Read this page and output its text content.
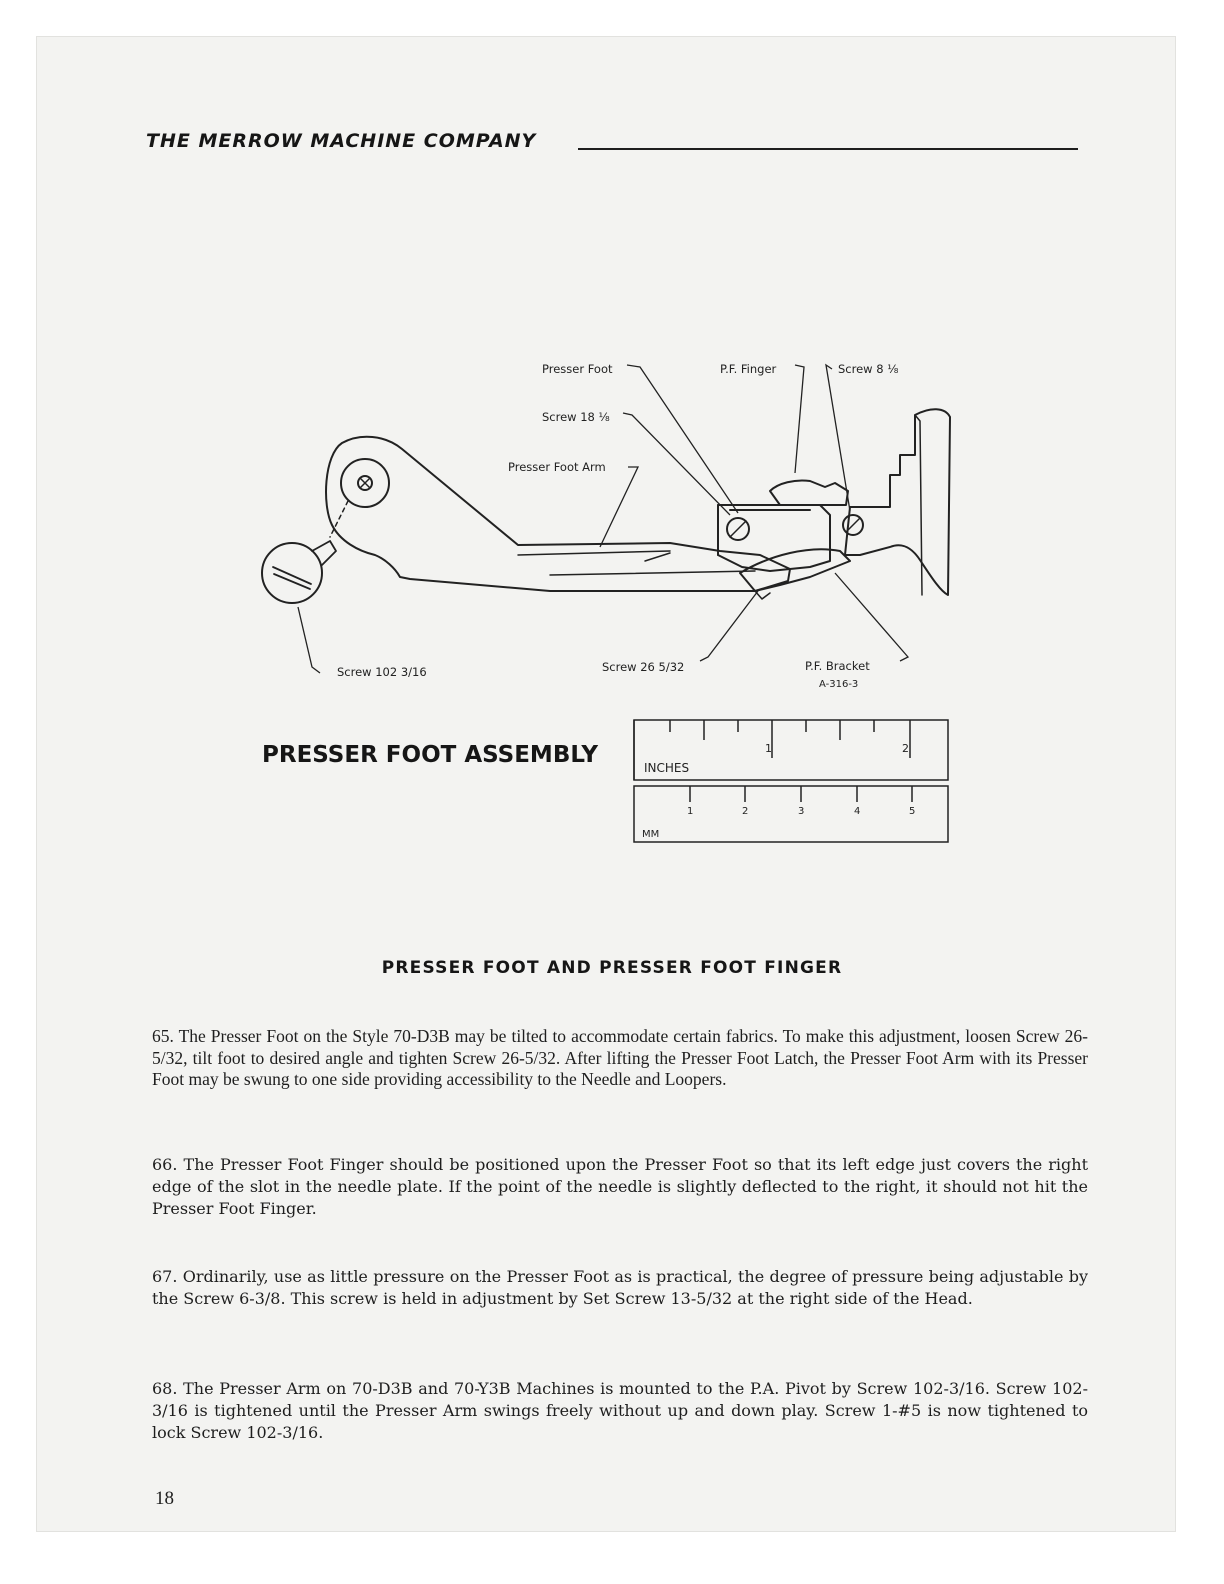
THE MERROW MACHINE COMPANY
Presser Foot	P.F. Finger	Screw 8 ⅛
Screw 18 ⅛
Presser Foot Arm
Screw 102 3/16	Screw 26 5/32	P.F. Bracket
A-316-3
PRESSER FOOT ASSEMBLY	INCHES
1	2
1	2	3	4	5
MM
PRESSER FOOT AND PRESSER FOOT FINGER

65. The Presser Foot on the Style 70-D3B may be tilted to accommodate certain fabrics. To make this adjustment, loosen Screw 26-5/32, tilt foot to desired angle and tighten Screw 26-5/32. After lifting the Presser Foot Latch, the Presser Foot Arm with its Presser Foot may be swung to one side providing accessibility to the Needle and Loopers.

66. The Presser Foot Finger should be positioned upon the Presser Foot so that its left edge just covers the right edge of the slot in the needle plate. If the point of the needle is slightly deflected to the right, it should not hit the Presser Foot Finger.

67. Ordinarily, use as little pressure on the Presser Foot as is practical, the degree of pressure being adjustable by the Screw 6-3/8. This screw is held in adjustment by Set Screw 13-5/32 at the right side of the Head.

68. The Presser Arm on 70-D3B and 70-Y3B Machines is mounted to the P.A. Pivot by Screw 102-3/16. Screw 102-3/16 is tightened until the Presser Arm swings freely without up and down play. Screw 1-#5 is now tightened to lock Screw 102-3/16.

18
